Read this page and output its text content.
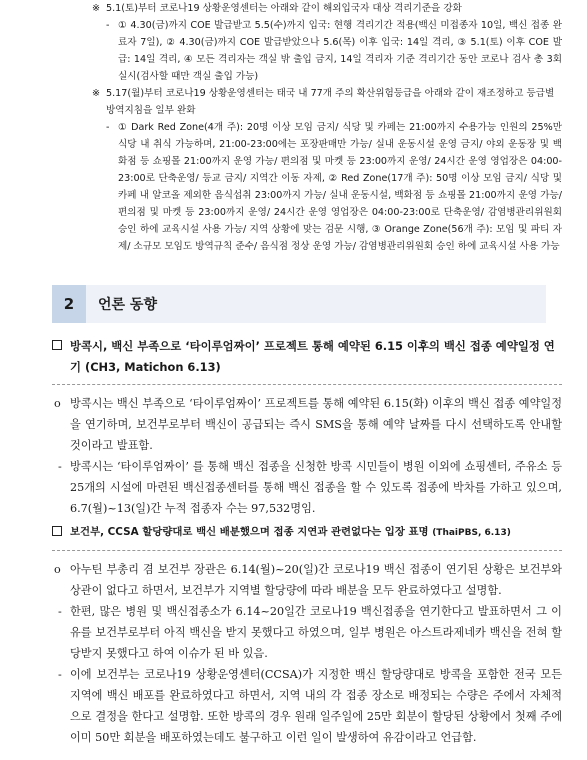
※ 5.1(토)부터 코로나19 상황운영센터는 아래와 같이 해외입국자 대상 격리기준을 강화

- ① 4.30(금)까지 COE 발급받고 5.5(수)까지 입국: 현행 격리기간 적용(백신 미접종자 10일, 백신 접종 완료자 7일), ② 4.30(금)까지 COE 발급받았으나 5.6(목) 이후 입국: 14일 격리, ③ 5.1(토) 이후 COE 발급: 14일 격리, ④ 모든 격리자는 객실 밖 출입 금지, 14일 격리자 기준 격리기간 동안 코로나 검사 총 3회 실시(검사할 때만 객실 출입 가능)

※ 5.17(월)부터 코로나19 상황운영센터는 태국 내 77개 주의 확산위험등급을 아래와 같이 재조정하고 등급별 방역지침을 일부 완화

- ① Dark Red Zone(4개 주): 20명 이상 모임 금지/ 식당 및 카페는 21:00까지 수용가능 인원의 25%만 식당 내 취식 가능하며, 21:00-23:00에는 포장판매만 가능/ 실내 운동시설 운영 금지/ 야외 운동장 및 백화점 등 쇼핑몰 21:00까지 운영 가능/ 편의점 및 마켓 등 23:00까지 운영/ 24시간 운영 영업장은 04:00-23:00로 단축운영/ 등교 금지/ 지역간 이동 자제, ② Red Zone(17개 주): 50명 이상 모임 금지/ 식당 및 카페 내 알코올 제외한 음식섭취 23:00까지 가능/ 실내 운동시설, 백화점 등 쇼핑몰 21:00까지 운영 가능/ 편의점 및 마켓 등 23:00까지 운영/ 24시간 운영 영업장은 04:00-23:00로 단축운영/ 감염병관리위원회 승인 하에 교육시설 사용 가능/ 지역 상황에 맞는 검문 시행, ③ Orange Zone(56개 주): 모임 및 파티 자제/ 소규모 모임도 방역규칙 준수/ 음식점 정상 운영 가능/ 감염병관리위원회 승인 하에 교육시설 사용 가능

2	언론 동향
방콕시, 백신 부족으로 ‘타이루엄짜이’ 프로젝트 통해 예약된 6.15 이후의 백신 접종 예약일정 연기 (CH3, Matichon 6.13)

o 방콕시는 백신 부족으로 ‘타이루엄짜이’ 프로젝트를 통해 예약된 6.15(화) 이후의 백신 접종 예약일정을 연기하며, 보건부로부터 백신이 공급되는 즉시 SMS을 통해 예약 날짜를 다시 선택하도록 안내할 것이라고 발표함.

- 방콕시는 ‘타이루엄짜이’ 를 통해 백신 접종을 신청한 방콕 시민들이 병원 이외에 쇼핑센터, 주유소 등 25개의 시설에 마련된 백신접종센터를 통해 백신 접종을 할 수 있도록 접종에 박차를 가하고 있으며, 6.7(월)~13(일)간 누적 접종자 수는 97,532명임.

보건부, CCSA 할당량대로 백신 배분했으며 접종 지연과 관련없다는 입장 표명 (ThaiPBS, 6.13)

o 아누틴 부총리 겸 보건부 장관은 6.14(월)~20(일)간 코로나19 백신 접종이 연기된 상황은 보건부와 상관이 없다고 하면서, 보건부가 지역별 할당량에 따라 배분을 모두 완료하였다고 설명함.

- 한편, 많은 병원 및 백신접종소가 6.14~20일간 코로나19 백신접종을 연기한다고 발표하면서 그 이유를 보건부로부터 아직 백신을 받지 못했다고 하였으며, 일부 병원은 아스트라제네카 백신을 전혀 할당받지 못했다고 하여 이슈가 된 바 있음.

- 이에 보건부는 코로나19 상황운영센터(CCSA)가 지정한 백신 할당량대로 방콕을 포함한 전국 모든 지역에 백신 배포를 완료하였다고 하면서, 지역 내의 각 접종 장소로 배정되는 수량은 주에서 자체적으로 결정을 한다고 설명함. 또한 방콕의 경우 원래 일주일에 25만 회분이 할당된 상황에서 첫째 주에 이미 50만 회분을 배포하였는데도 불구하고 이런 일이 발생하여 유감이라고 언급함.
